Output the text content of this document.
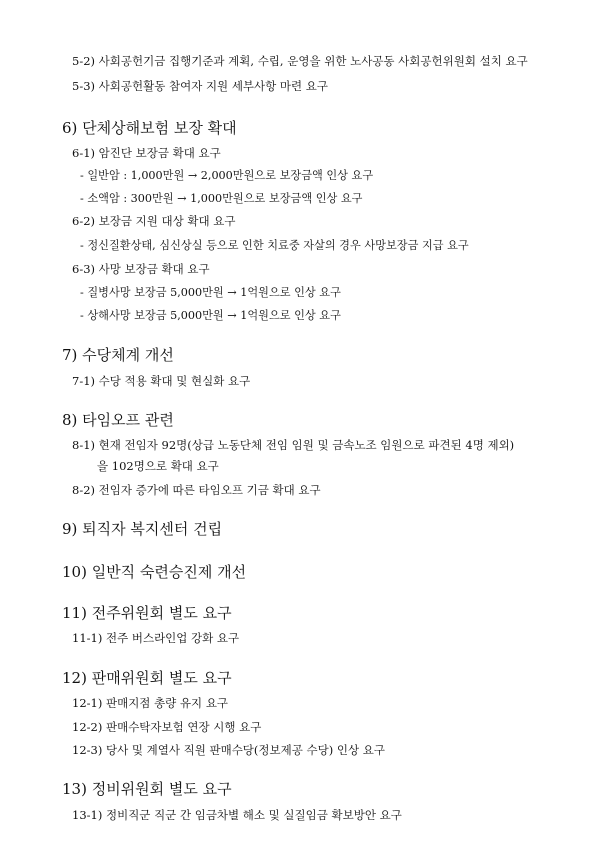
5-2) 사회공헌기금 집행기준과 계획, 수립, 운영을 위한 노사공동 사회공헌위원회 설치 요구
5-3) 사회공헌활동 참여자 지원 세부사항 마련 요구
6) 단체상해보험 보장 확대
6-1) 암진단 보장금 확대 요구
- 일반암 : 1,000만원 → 2,000만원으로 보장금액 인상 요구
- 소액암 : 300만원 → 1,000만원으로 보장금액 인상 요구
6-2) 보장금 지원 대상 확대 요구
- 정신질환상태, 심신상실 등으로 인한 치료중 자살의 경우 사망보장금 지급 요구
6-3) 사망 보장금 확대 요구
- 질병사망 보장금 5,000만원 → 1억원으로 인상 요구
- 상해사망 보장금 5,000만원 → 1억원으로 인상 요구
7) 수당체계 개선
7-1) 수당 적용 확대 및 현실화 요구
8) 타임오프 관련
8-1) 현재 전임자 92명(상급 노동단체 전임 임원 및 금속노조 임원으로 파견된 4명 제외)
을 102명으로 확대 요구
8-2) 전임자 증가에 따른 타임오프 기금 확대 요구
9) 퇴직자 복지센터 건립
10) 일반직 숙련승진제 개선
11) 전주위원회 별도 요구
11-1) 전주 버스라인업 강화 요구
12) 판매위원회 별도 요구
12-1) 판매지점 총량 유지 요구
12-2) 판매수탁자보험 연장 시행 요구
12-3) 당사 및 계열사 직원 판매수당(정보제공 수당) 인상 요구
13) 정비위원회 별도 요구
13-1) 정비직군 직군 간 임금차별 해소 및 실질임금 확보방안 요구
